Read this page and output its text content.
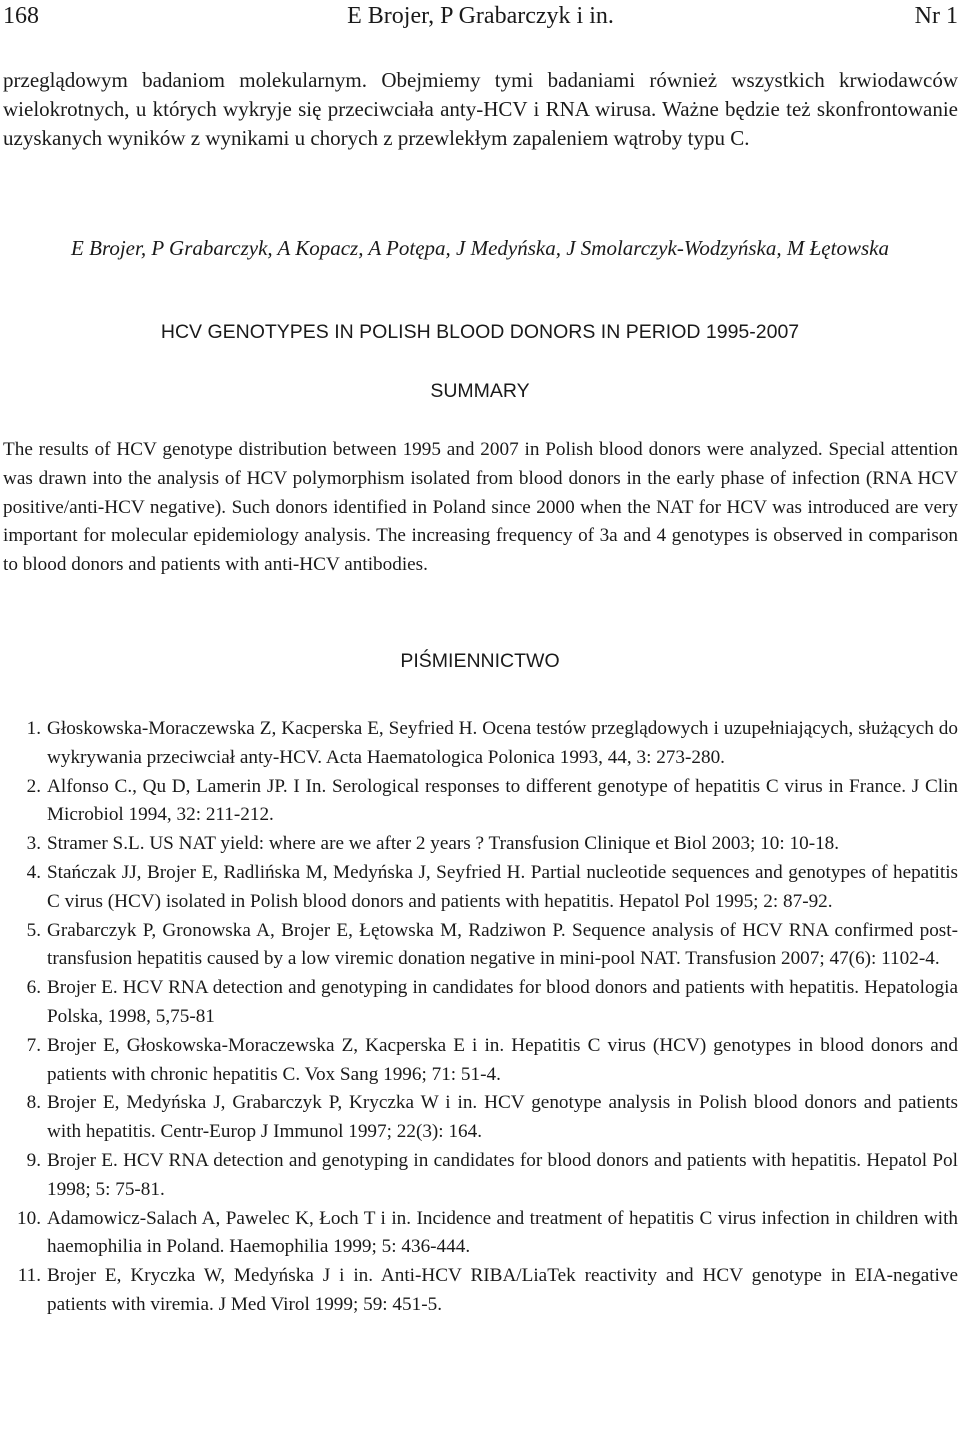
168	E Brojer, P Grabarczyk i in.	Nr 1

przeglądowym badaniom molekularnym. Obejmiemy tymi badaniami również wszystkich krwiodawców wielokrotnych, u których wykryje się przeciwciała anty-HCV i RNA wirusa. Ważne będzie też skonfrontowanie uzyskanych wyników z wynikami u chorych z przewlekłym zapaleniem wątroby typu C.

E Brojer, P Grabarczyk, A Kopacz, A Potępa, J Medyńska, J Smolarczyk-Wodzyńska, M Łętowska

HCV GENOTYPES IN POLISH BLOOD DONORS IN PERIOD 1995-2007
SUMMARY

The results of HCV genotype distribution between 1995 and 2007 in Polish blood donors were analyzed. Special attention was drawn into the analysis of HCV polymorphism isolated from blood donors in the early phase of infection (RNA HCV positive/anti-HCV negative). Such donors identified in Poland since 2000 when the NAT for HCV was introduced are very important for molecular epidemiology analysis. The increasing frequency of 3a and 4 genotypes is observed in comparison to blood donors and patients with anti-HCV antibodies.

PIŚMIENNICTWO
1. Głoskowska-Moraczewska Z, Kacperska E, Seyfried H. Ocena testów przeglądowych i uzupełniających, służących do wykrywania przeciwciał anty-HCV. Acta Haematologica Polonica 1993, 44, 3: 273-280.
2. Alfonso C., Qu D, Lamerin JP. I In. Serological responses to different genotype of hepatitis C virus in France. J Clin Microbiol 1994, 32: 211-212.
3. Stramer S.L. US NAT yield: where are we after 2 years ? Transfusion Clinique et Biol 2003; 10: 10-18.
4. Stańczak JJ, Brojer E, Radlińska M, Medyńska J, Seyfried H. Partial nucleotide sequences and genotypes of hepatitis C virus (HCV) isolated in Polish blood donors and patients with hepatitis. Hepatol Pol 1995; 2: 87-92.
5. Grabarczyk P, Gronowska A, Brojer E, Łętowska M, Radziwon P. Sequence analysis of HCV RNA confirmed post-transfusion hepatitis caused by a low viremic donation negative in mini-pool NAT. Transfusion 2007; 47(6): 1102-4.
6. Brojer E. HCV RNA detection and genotyping in candidates for blood donors and patients with hepatitis. Hepatologia Polska, 1998, 5,75-81
7. Brojer E, Głoskowska-Moraczewska Z, Kacperska E i in. Hepatitis C virus (HCV) genotypes in blood donors and patients with chronic hepatitis C. Vox Sang 1996; 71: 51-4.
8. Brojer E, Medyńska J, Grabarczyk P, Kryczka W i in. HCV genotype analysis in Polish blood donors and patients with hepatitis. Centr-Europ J Immunol 1997; 22(3): 164.
9. Brojer E. HCV RNA detection and genotyping in candidates for blood donors and patients with hepatitis. Hepatol Pol 1998; 5: 75-81.
10. Adamowicz-Salach A, Pawelec K, Łoch T i in. Incidence and treatment of hepatitis C virus infection in children with haemophilia in Poland. Haemophilia 1999; 5: 436-444.
11. Brojer E, Kryczka W, Medyńska J i in. Anti-HCV RIBA/LiaTek reactivity and HCV genotype in EIA-negative patients with viremia. J Med Virol 1999; 59: 451-5.
